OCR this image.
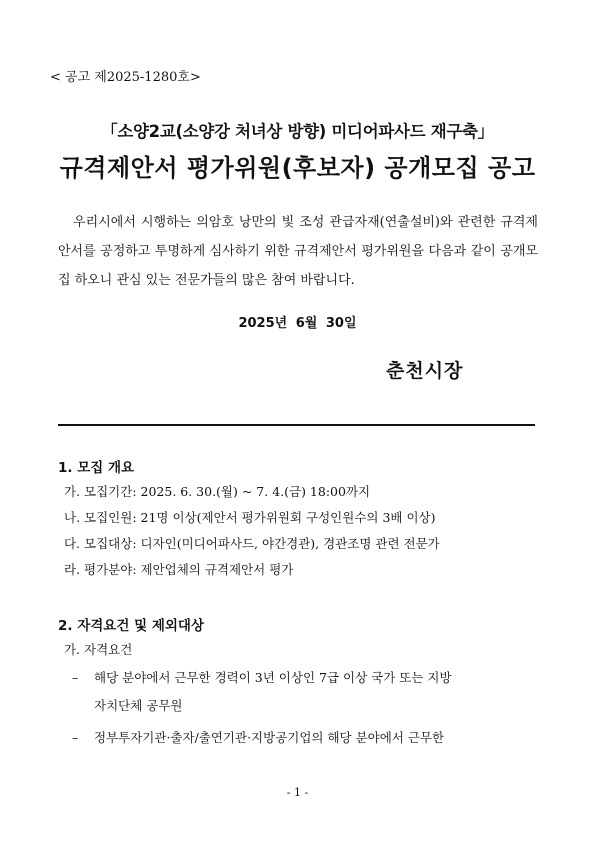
< 공고 제2025-1280호>
「소양2교(소양강 처녀상 방향) 미디어파사드 재구축」
규격제안서 평가위원(후보자) 공개모집 공고
우리시에서 시행하는 의암호 낭만의 빛 조성 관급자재(연출설비)와 관련한 규격제안서를 공정하고 투명하게 심사하기 위한 규격제안서 평가위원을 다음과 같이 공개모집 하오니 관심 있는 전문가들의 많은 참여 바랍니다.
2025년 6월 30일
춘천시장
1. 모집 개요
가. 모집기간: 2025. 6. 30.(월) ~ 7. 4.(금) 18:00까지
나. 모집인원: 21명 이상(제안서 평가위원회 구성인원수의 3배 이상)
다. 모집대상: 디자인(미디어파사드, 야간경관), 경관조명 관련 전문가
라. 평가분야: 제안업체의 규격제안서 평가
2. 자격요건 및 제외대상
가. 자격요건
– 해당 분야에서 근무한 경력이 3년 이상인 7급 이상 국가 또는 지방
자치단체 공무원
– 정부투자기관·출자/출연기관·지방공기업의 해당 분야에서 근무한
- 1 -
